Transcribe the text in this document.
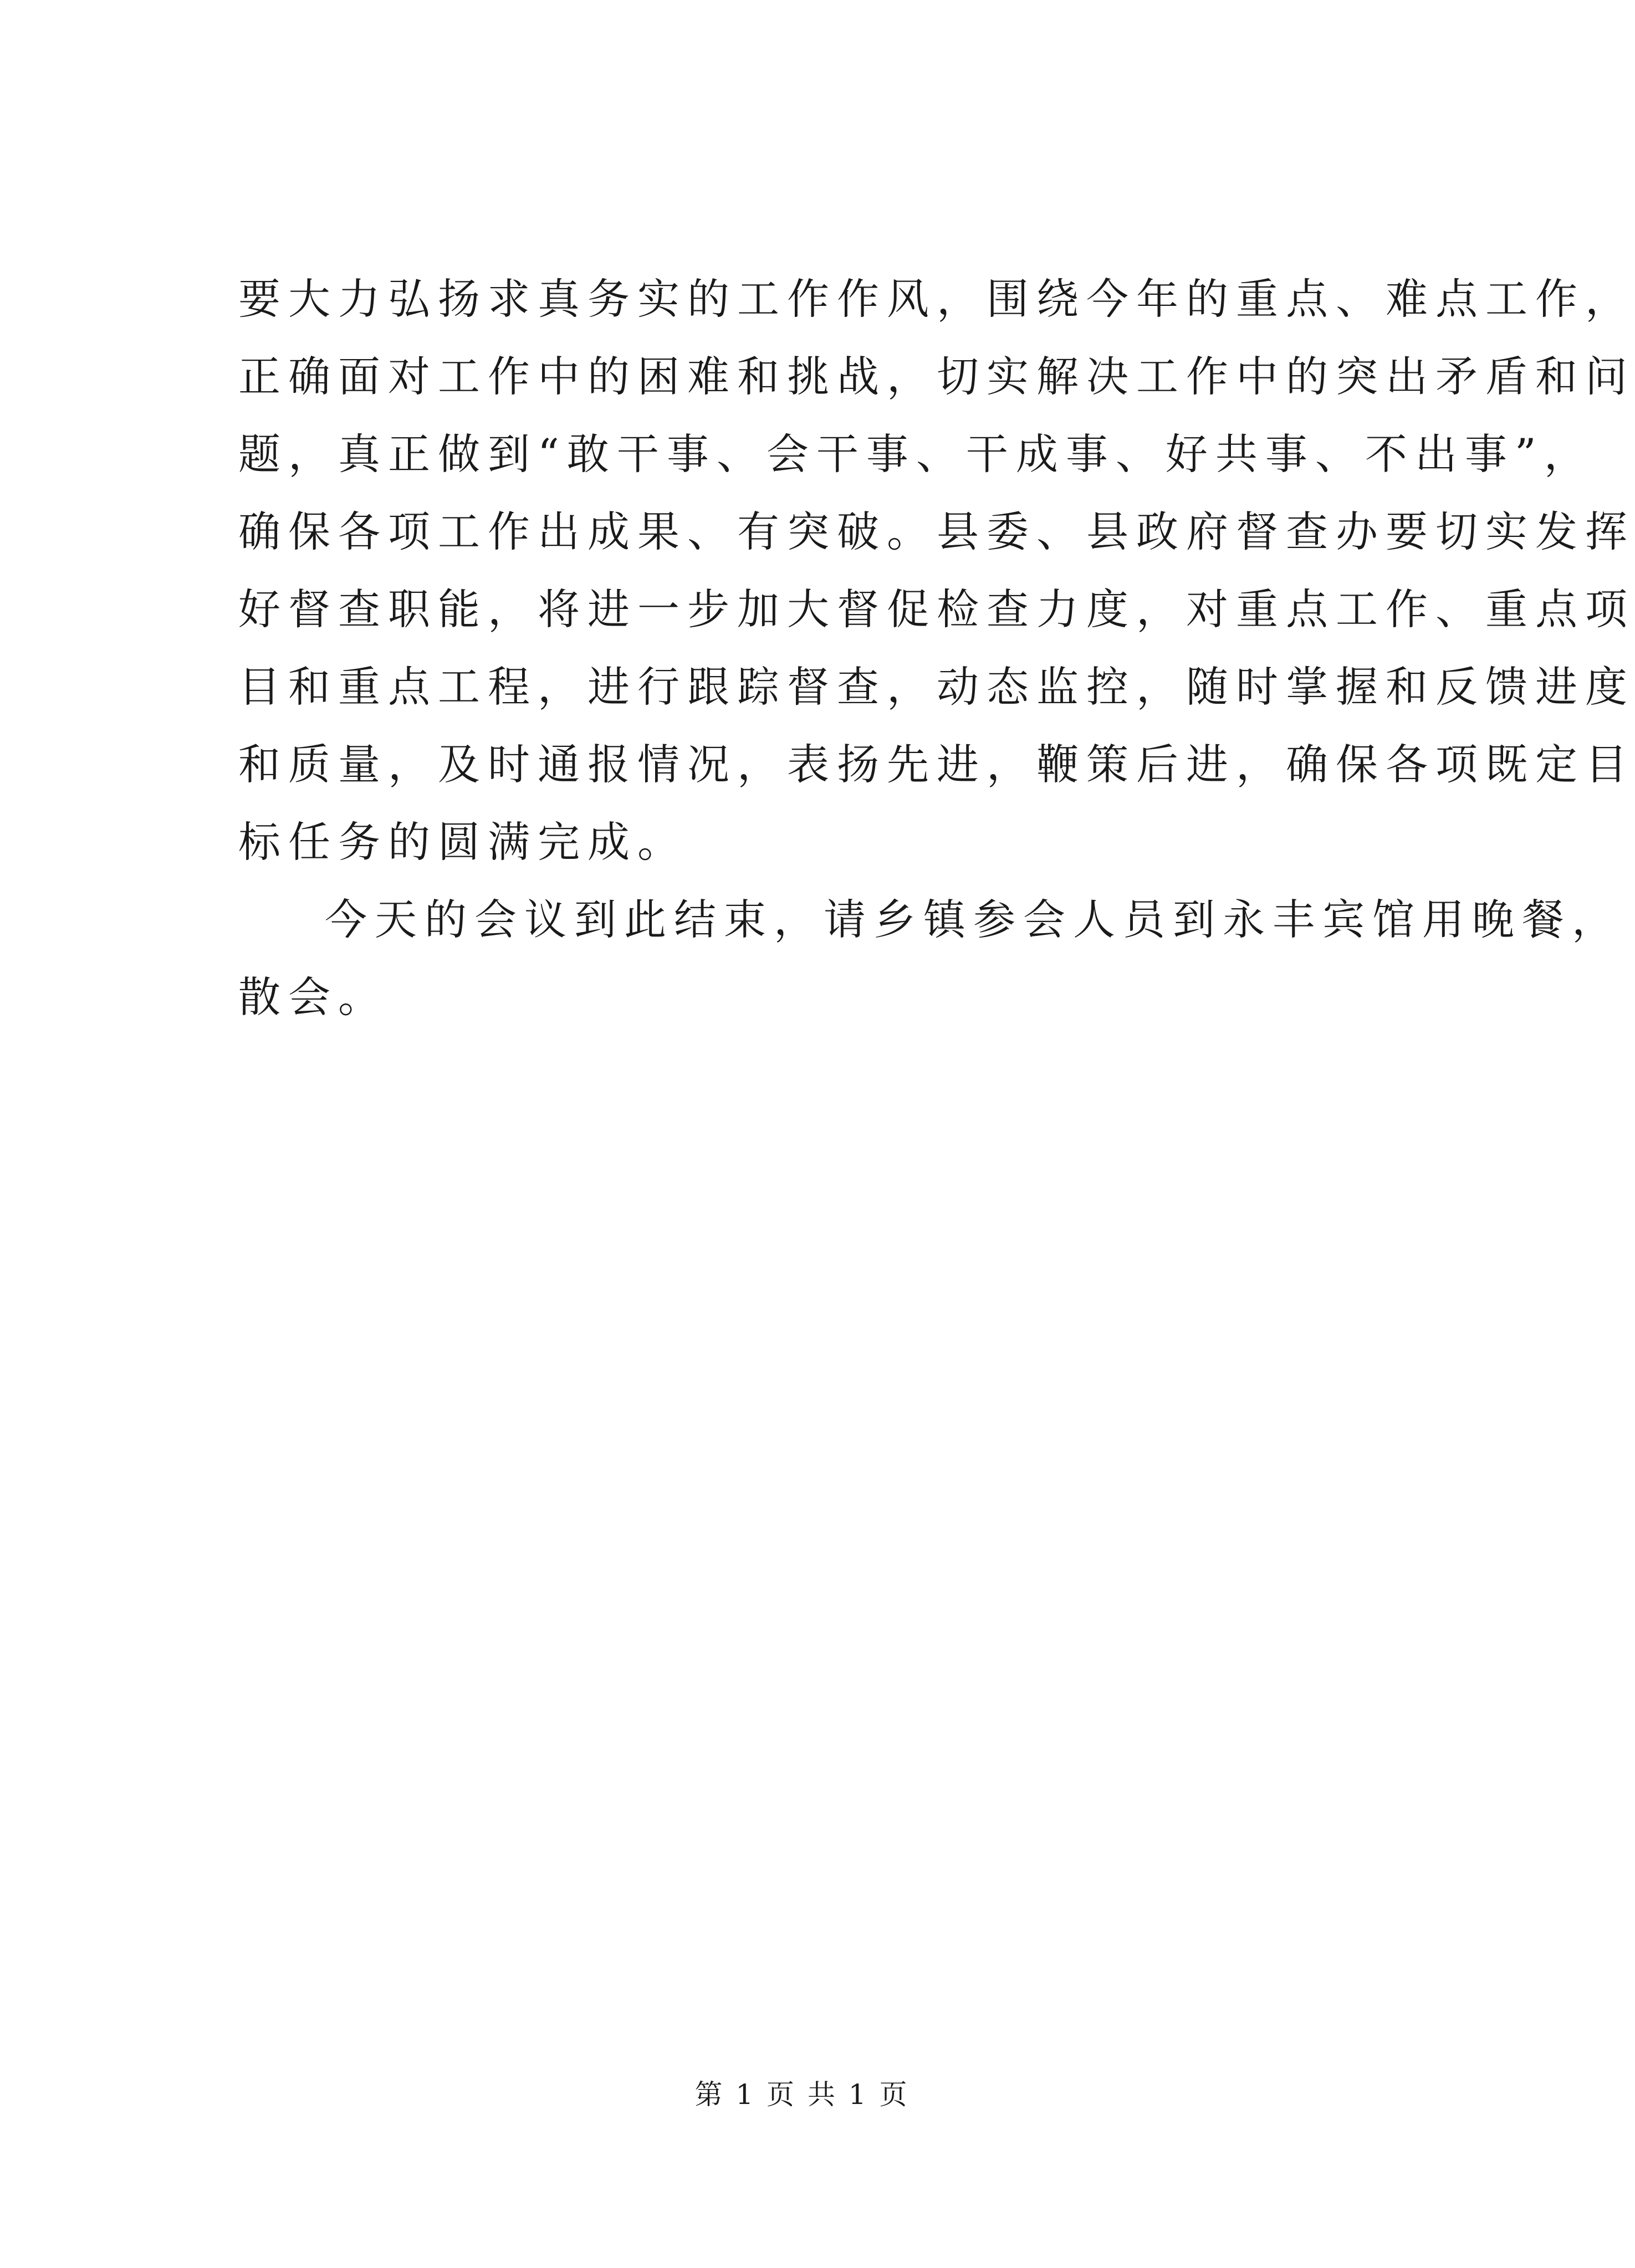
要大力弘扬求真务实的工作作风，围绕今年的重点、难点工作，
正确面对工作中的困难和挑战，切实解决工作中的突出矛盾和问
题，真正做到“敢干事、会干事、干成事、好共事、不出事”，
确保各项工作出成果、有突破。县委、县政府督查办要切实发挥
好督查职能，将进一步加大督促检查力度，对重点工作、重点项
目和重点工程，进行跟踪督查，动态监控，随时掌握和反馈进度
和质量，及时通报情况，表扬先进，鞭策后进，确保各项既定目
标任务的圆满完成。
今天的会议到此结束，请乡镇参会人员到永丰宾馆用晚餐，
散会。
第 1 页 共 1 页
